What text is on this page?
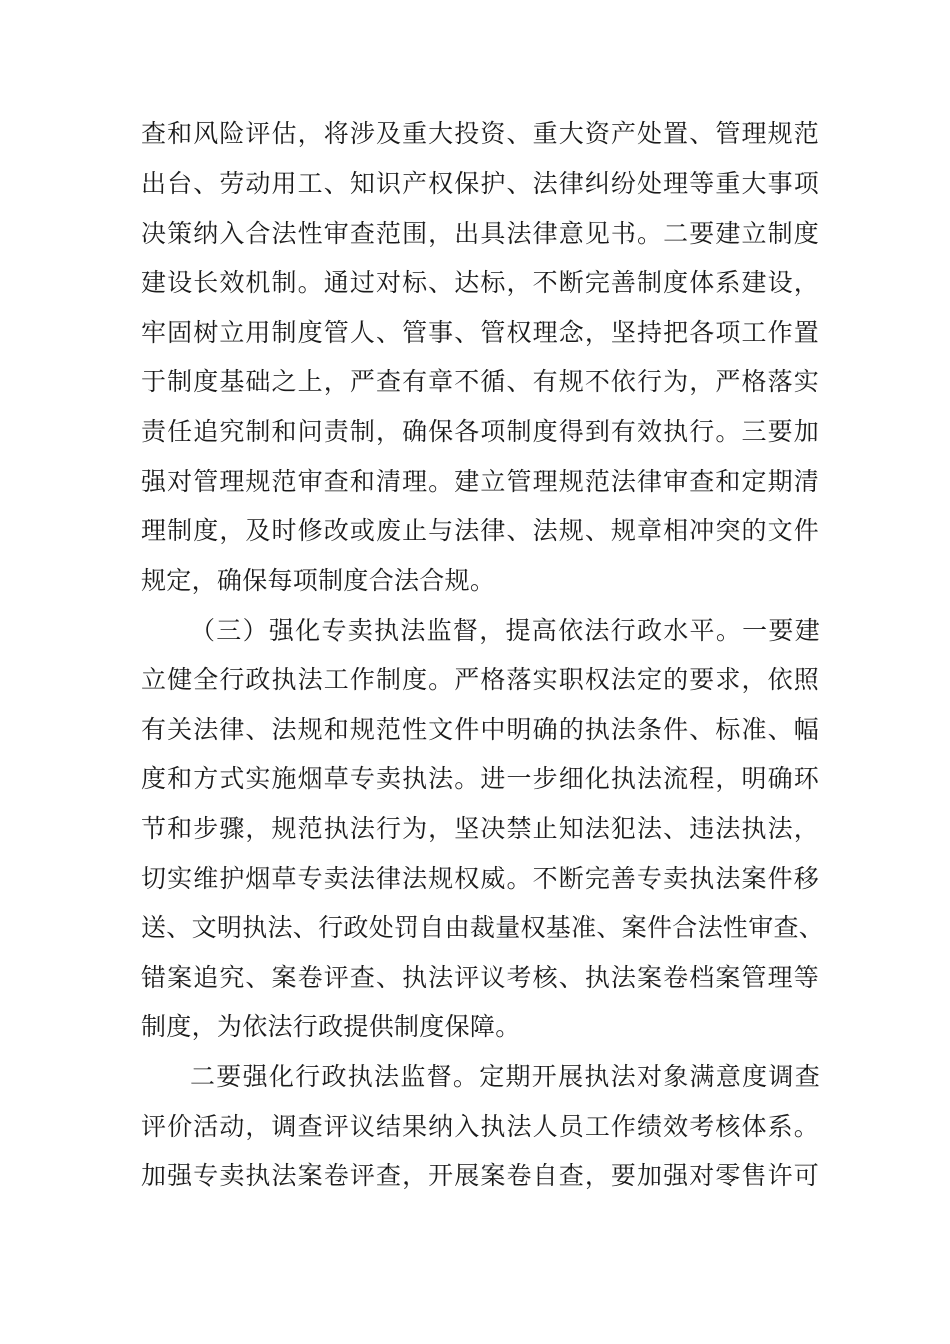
查和风险评估，将涉及重大投资、重大资产处置、管理规范
出台、劳动用工、知识产权保护、法律纠纷处理等重大事项
决策纳入合法性审查范围，出具法律意见书。二要建立制度
建设长效机制。通过对标、达标，不断完善制度体系建设，
牢固树立用制度管人、管事、管权理念，坚持把各项工作置
于制度基础之上，严查有章不循、有规不依行为，严格落实
责任追究制和问责制，确保各项制度得到有效执行。三要加
强对管理规范审查和清理。建立管理规范法律审查和定期清
理制度，及时修改或废止与法律、法规、规章相冲突的文件
规定，确保每项制度合法合规。
（三）强化专卖执法监督，提高依法行政水平。一要建
立健全行政执法工作制度。严格落实职权法定的要求，依照
有关法律、法规和规范性文件中明确的执法条件、标准、幅
度和方式实施烟草专卖执法。进一步细化执法流程，明确环
节和步骤，规范执法行为，坚决禁止知法犯法、违法执法，
切实维护烟草专卖法律法规权威。不断完善专卖执法案件移
送、文明执法、行政处罚自由裁量权基准、案件合法性审查、
错案追究、案卷评查、执法评议考核、执法案卷档案管理等
制度，为依法行政提供制度保障。
二要强化行政执法监督。定期开展执法对象满意度调查
评价活动，调查评议结果纳入执法人员工作绩效考核体系。
加强专卖执法案卷评查，开展案卷自查，要加强对零售许可
